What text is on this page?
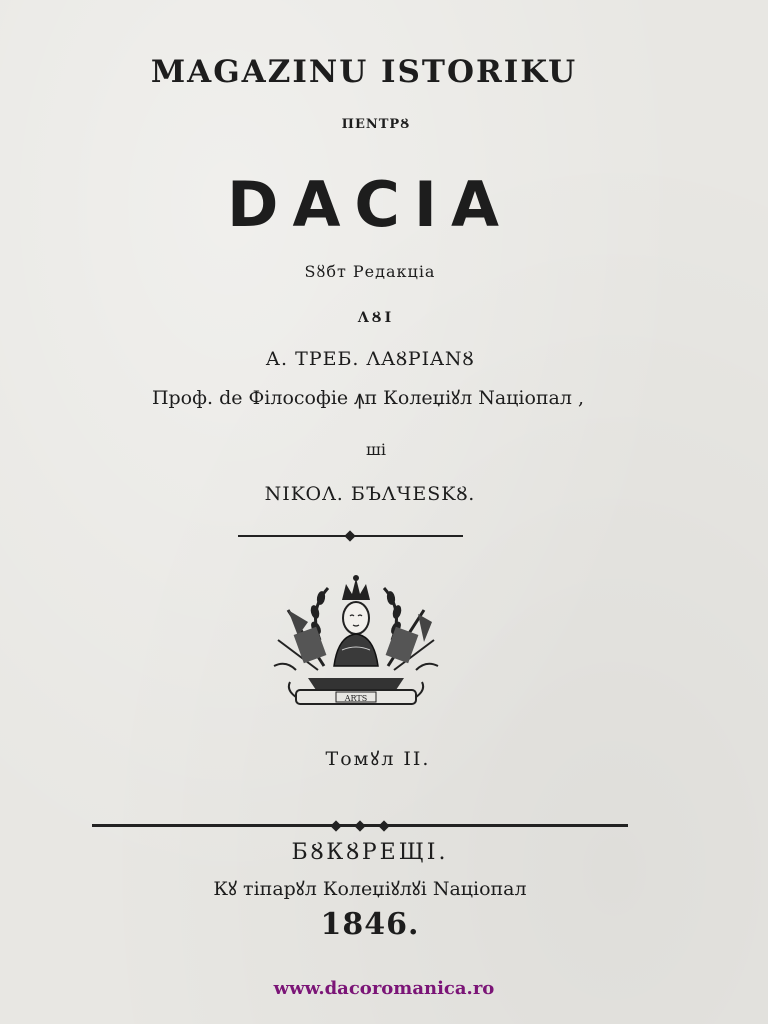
MAGAZINU ISTORIKU
ПENTPȢ
DACIA
Sȣбт Pедакціа
ΛȢI
А. ТРЕБ. ΛΑȢΡΙΑΝȢ
Проф. de Філософіе ꙟп Колеџіꙋл Naціопал ,
ші
NIKOΛ. БЪΛЧЕSKȢ.
ARTS
Томꙋл II.
БȢКȢРЕЩІ.
Кꙋ тіпарꙋл Колеџіꙋлꙋі Naціопал
1846.
www.dacoromanica.ro
